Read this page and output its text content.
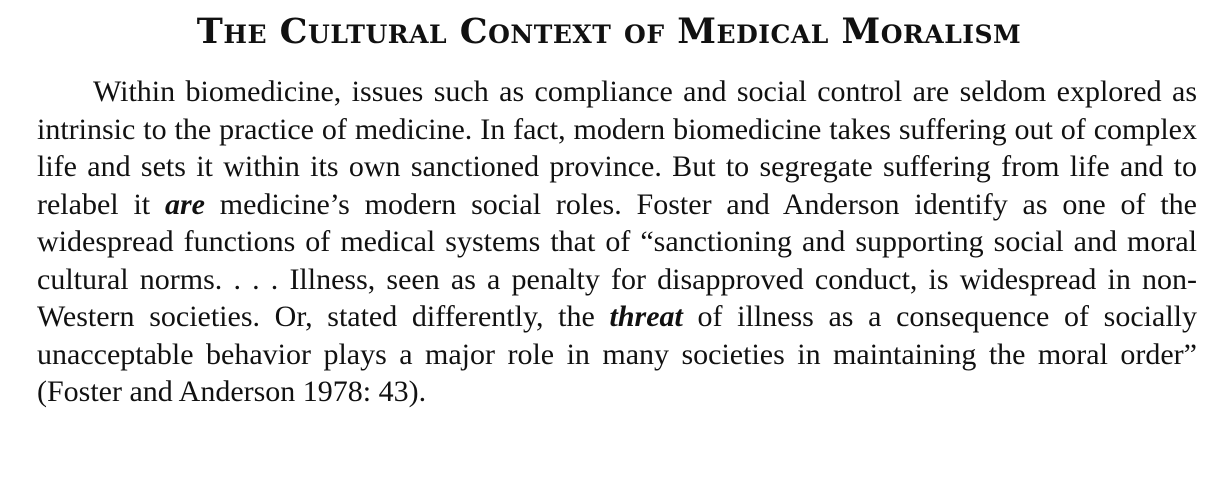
The Cultural Context of Medical Moralism

Within biomedicine, issues such as compliance and social control are seldom explored as intrinsic to the practice of medicine. In fact, modern biomedicine takes suffering out of complex life and sets it within its own sanctioned province. But to segregate suffering from life and to relabel it are medicine’s modern social roles. Foster and Anderson identify as one of the widespread functions of medical systems that of “sanctioning and supporting social and moral cultural norms. . . . Illness, seen as a penalty for disapproved conduct, is widespread in non-Western societies. Or, stated differently, the threat of illness as a consequence of socially unacceptable behavior plays a major role in many societies in maintaining the moral order” (Foster and Anderson 1978: 43).
